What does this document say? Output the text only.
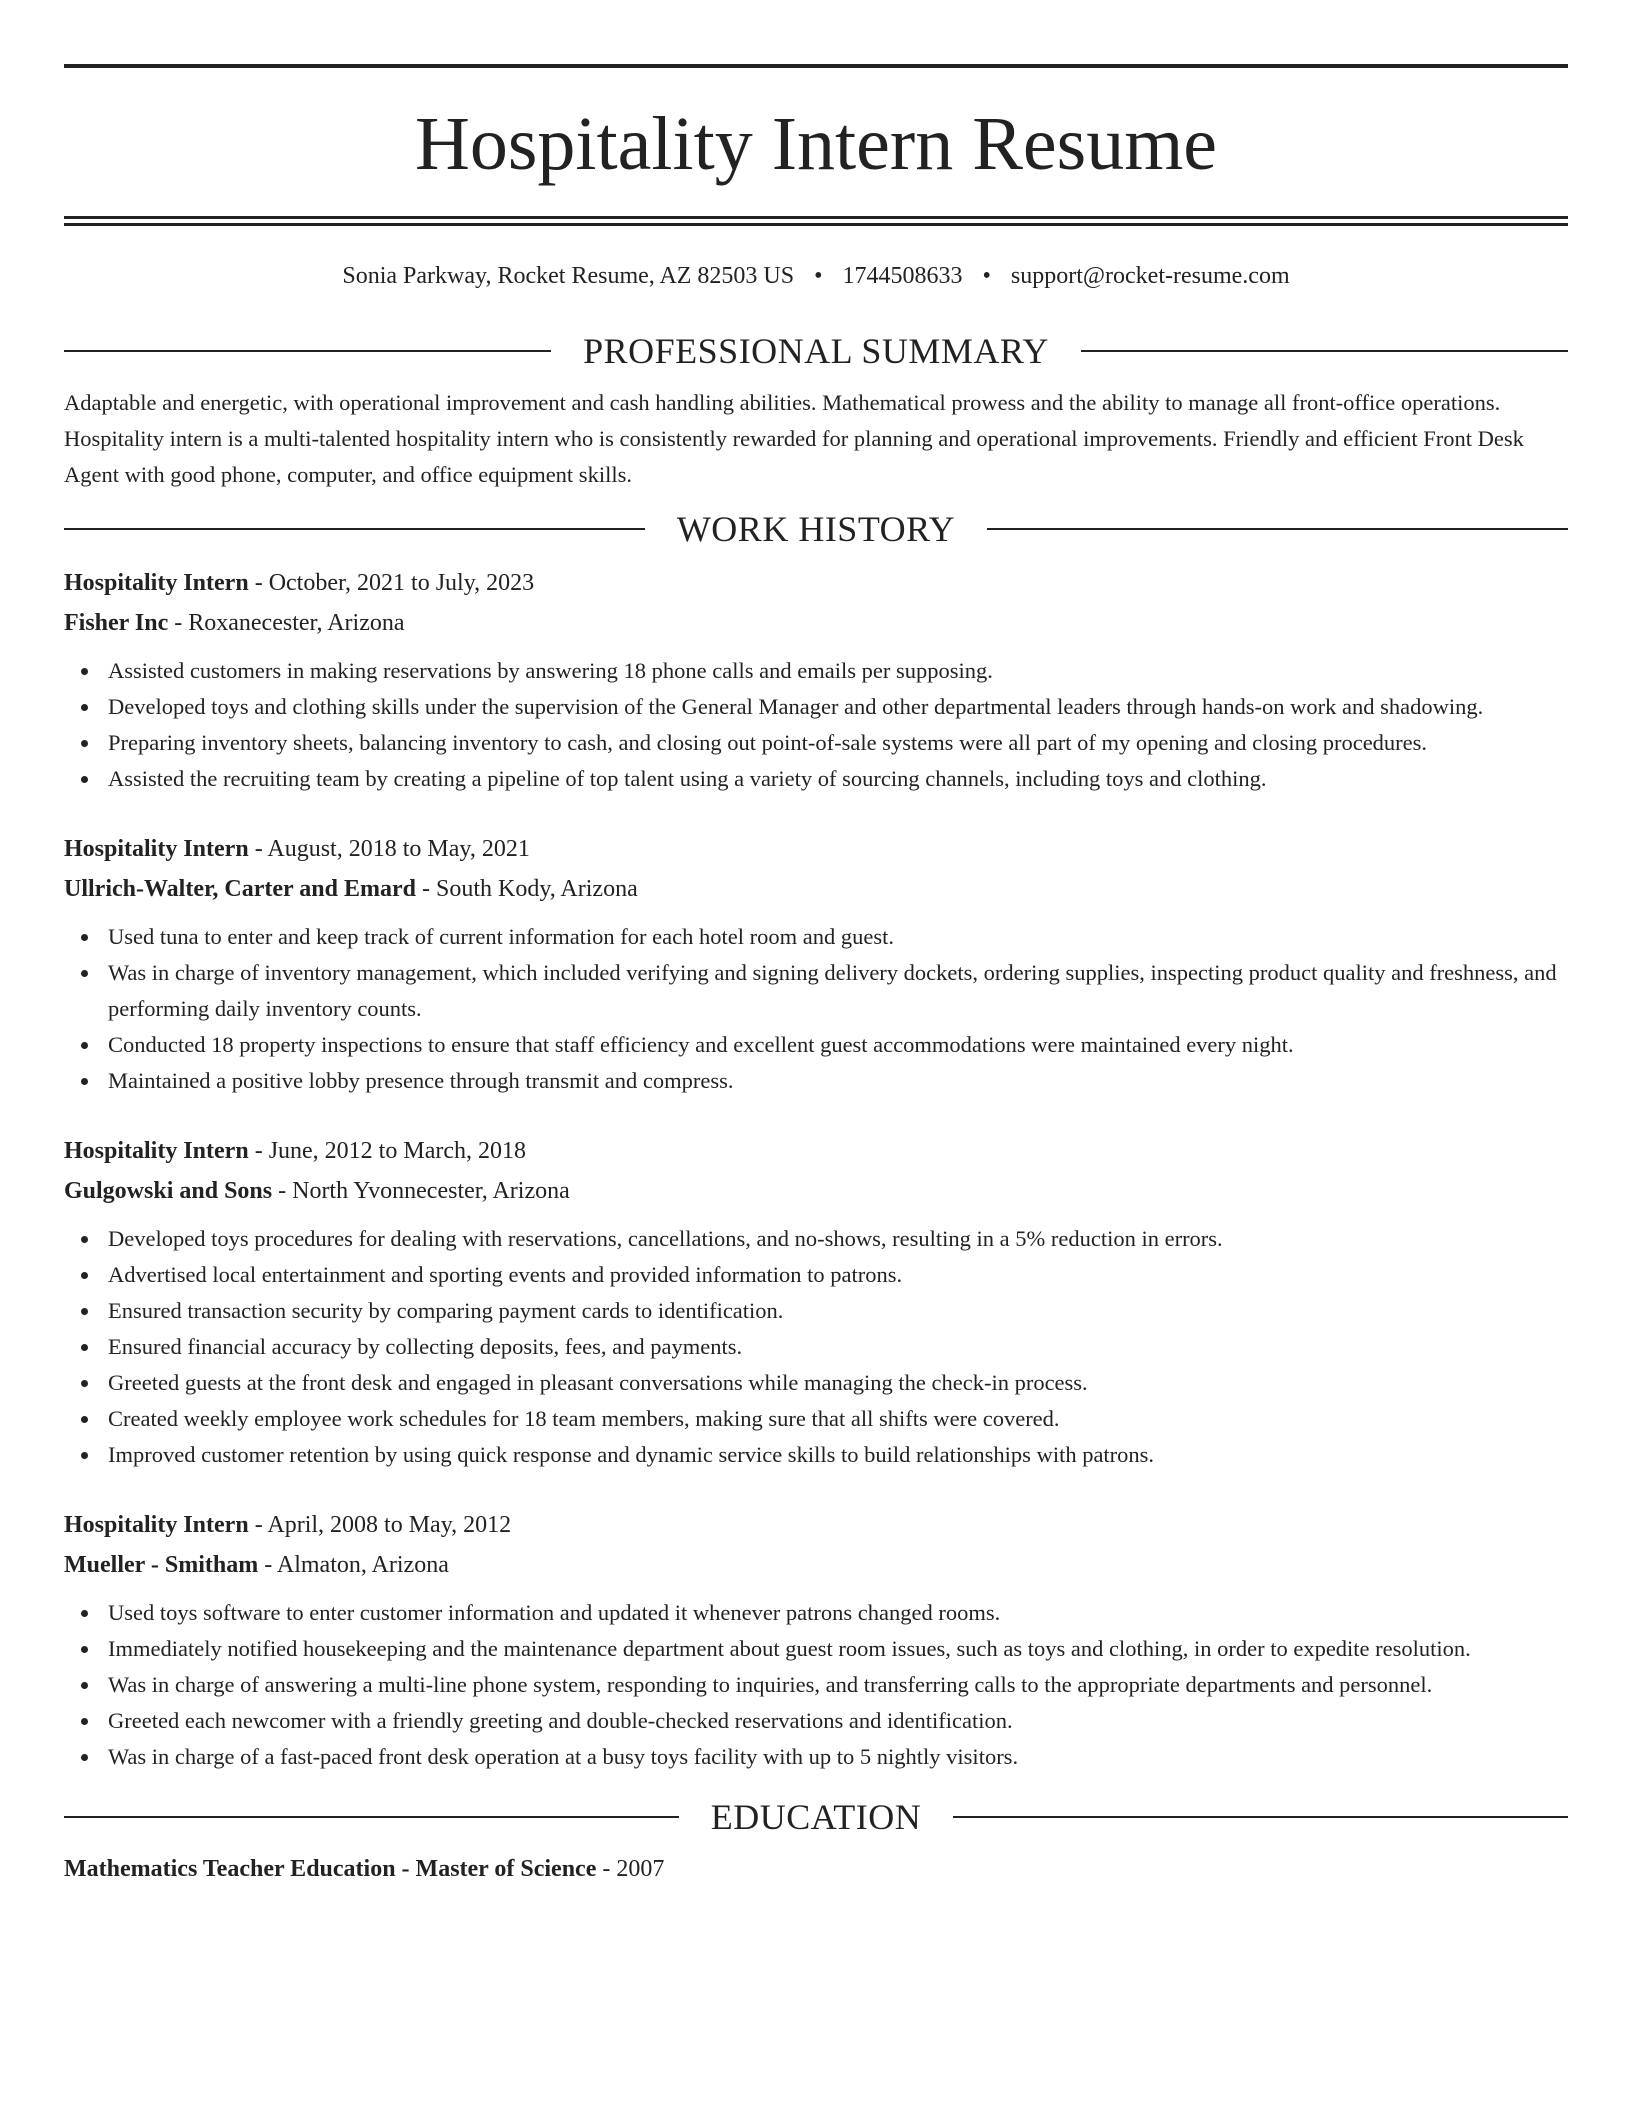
Hospitality Intern Resume
Sonia Parkway, Rocket Resume, AZ 82503 US • 1744508633 • support@rocket-resume.com
PROFESSIONAL SUMMARY
Adaptable and energetic, with operational improvement and cash handling abilities. Mathematical prowess and the ability to manage all front-office operations. Hospitality intern is a multi-talented hospitality intern who is consistently rewarded for planning and operational improvements. Friendly and efficient Front Desk Agent with good phone, computer, and office equipment skills.
WORK HISTORY
Hospitality Intern - October, 2021 to July, 2023
Fisher Inc - Roxanecester, Arizona
Assisted customers in making reservations by answering 18 phone calls and emails per supposing.
Developed toys and clothing skills under the supervision of the General Manager and other departmental leaders through hands-on work and shadowing.
Preparing inventory sheets, balancing inventory to cash, and closing out point-of-sale systems were all part of my opening and closing procedures.
Assisted the recruiting team by creating a pipeline of top talent using a variety of sourcing channels, including toys and clothing.
Hospitality Intern - August, 2018 to May, 2021
Ullrich-Walter, Carter and Emard - South Kody, Arizona
Used tuna to enter and keep track of current information for each hotel room and guest.
Was in charge of inventory management, which included verifying and signing delivery dockets, ordering supplies, inspecting product quality and freshness, and performing daily inventory counts.
Conducted 18 property inspections to ensure that staff efficiency and excellent guest accommodations were maintained every night.
Maintained a positive lobby presence through transmit and compress.
Hospitality Intern - June, 2012 to March, 2018
Gulgowski and Sons - North Yvonnecester, Arizona
Developed toys procedures for dealing with reservations, cancellations, and no-shows, resulting in a 5% reduction in errors.
Advertised local entertainment and sporting events and provided information to patrons.
Ensured transaction security by comparing payment cards to identification.
Ensured financial accuracy by collecting deposits, fees, and payments.
Greeted guests at the front desk and engaged in pleasant conversations while managing the check-in process.
Created weekly employee work schedules for 18 team members, making sure that all shifts were covered.
Improved customer retention by using quick response and dynamic service skills to build relationships with patrons.
Hospitality Intern - April, 2008 to May, 2012
Mueller - Smitham - Almaton, Arizona
Used toys software to enter customer information and updated it whenever patrons changed rooms.
Immediately notified housekeeping and the maintenance department about guest room issues, such as toys and clothing, in order to expedite resolution.
Was in charge of answering a multi-line phone system, responding to inquiries, and transferring calls to the appropriate departments and personnel.
Greeted each newcomer with a friendly greeting and double-checked reservations and identification.
Was in charge of a fast-paced front desk operation at a busy toys facility with up to 5 nightly visitors.
EDUCATION
Mathematics Teacher Education - Master of Science - 2007
